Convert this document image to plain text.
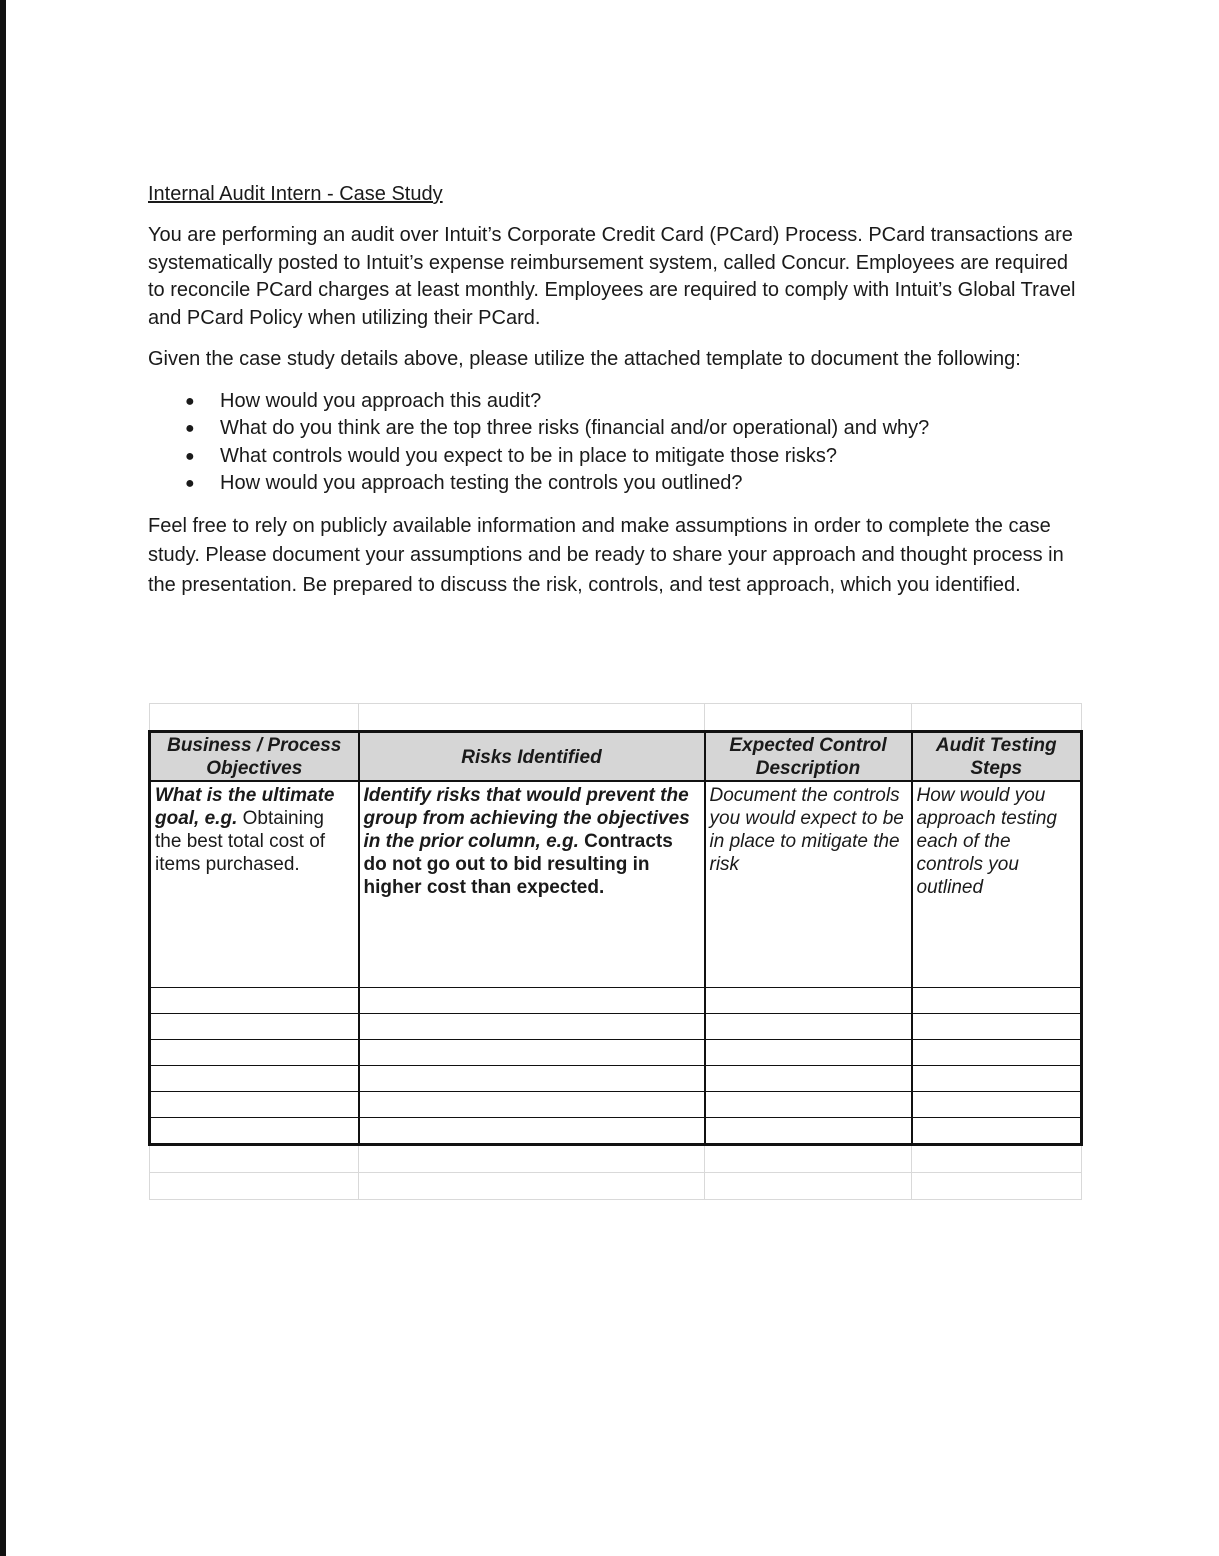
Internal Audit Intern - Case Study

You are performing an audit over Intuit’s Corporate Credit Card (PCard) Process. PCard transactions are systematically posted to Intuit’s expense reimbursement system, called Concur. Employees are required to reconcile PCard charges at least monthly. Employees are required to comply with Intuit’s Global Travel and PCard Policy when utilizing their PCard.

Given the case study details above, please utilize the attached template to document the following:

● How would you approach this audit?
● What do you think are the top three risks (financial and/or operational) and why?
● What controls would you expect to be in place to mitigate those risks?
● How would you approach testing the controls you outlined?

Feel free to rely on publicly available information and make assumptions in order to complete the case study. Please document your assumptions and be ready to share your approach and thought process in the presentation. Be prepared to discuss the risk, controls, and test approach, which you identified.

Business / Process Objectives	Risks Identified	Expected Control Description	Audit Testing Steps
What is the ultimate goal, e.g. Obtaining the best total cost of items purchased.	Identify risks that would prevent the group from achieving the objectives in the prior column, e.g. Contracts do not go out to bid resulting in higher cost than expected.	Document the controls you would expect to be in place to mitigate the risk	How would you approach testing each of the controls you outlined
